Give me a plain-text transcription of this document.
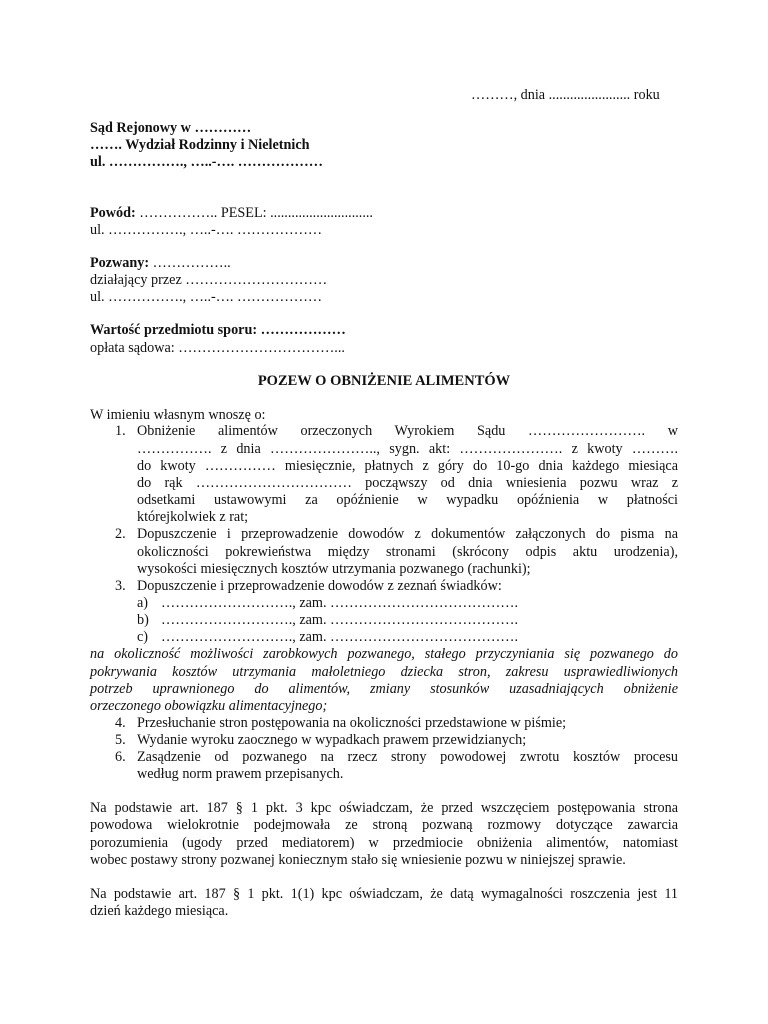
………, dnia ....................... roku
Sąd Rejonowy w …………
……. Wydział Rodzinny i Nieletnich
ul. ……………., …..-…. ………………
Powód: …………….. PESEL: .............................
ul. ……………., …..-…. ………………
Pozwany: ……………..
działający przez …………………………
ul. ……………., …..-…. ………………
Wartość przedmiotu sporu: ………………
opłata sądowa: ……………………………...
POZEW O OBNIŻENIE ALIMENTÓW
W imieniu własnym wnoszę o:
1. Obniżenie alimentów orzeczonych Wyrokiem Sądu ……………………. w
……………. z dnia ………………….., sygn. akt: …………………. z kwoty ……….
do kwoty …………… miesięcznie, płatnych z góry do 10-go dnia każdego miesiąca
do rąk …………………………… począwszy od dnia wniesienia pozwu wraz z
odsetkami ustawowymi za opóźnienie w wypadku opóźnienia w płatności
którejkolwiek z rat;
2. Dopuszczenie i przeprowadzenie dowodów z dokumentów załączonych do pisma na
okoliczności pokrewieństwa między stronami (skrócony odpis aktu urodzenia),
wysokości miesięcznych kosztów utrzymania pozwanego (rachunki);
3. Dopuszczenie i przeprowadzenie dowodów z zeznań świadków:
a) ………………………., zam. ………………………………….
b) ………………………., zam. ………………………………….
c) ………………………., zam. ………………………………….
na okoliczność możliwości zarobkowych pozwanego, stałego przyczyniania się pozwanego do
pokrywania kosztów utrzymania małoletniego dziecka stron, zakresu usprawiedliwionych
potrzeb uprawnionego do alimentów, zmiany stosunków uzasadniających obniżenie
orzeczonego obowiązku alimentacyjnego;
4. Przesłuchanie stron postępowania na okoliczności przedstawione w piśmie;
5. Wydanie wyroku zaocznego w wypadkach prawem przewidzianych;
6. Zasądzenie od pozwanego na rzecz strony powodowej zwrotu kosztów procesu
według norm prawem przepisanych.
Na podstawie art. 187 § 1 pkt. 3 kpc oświadczam, że przed wszczęciem postępowania strona
powodowa wielokrotnie podejmowała ze stroną pozwaną rozmowy dotyczące zawarcia
porozumienia (ugody przed mediatorem) w przedmiocie obniżenia alimentów, natomiast
wobec postawy strony pozwanej koniecznym stało się wniesienie pozwu w niniejszej sprawie.
Na podstawie art. 187 § 1 pkt. 1(1) kpc oświadczam, że datą wymagalności roszczenia jest 11
dzień każdego miesiąca.
